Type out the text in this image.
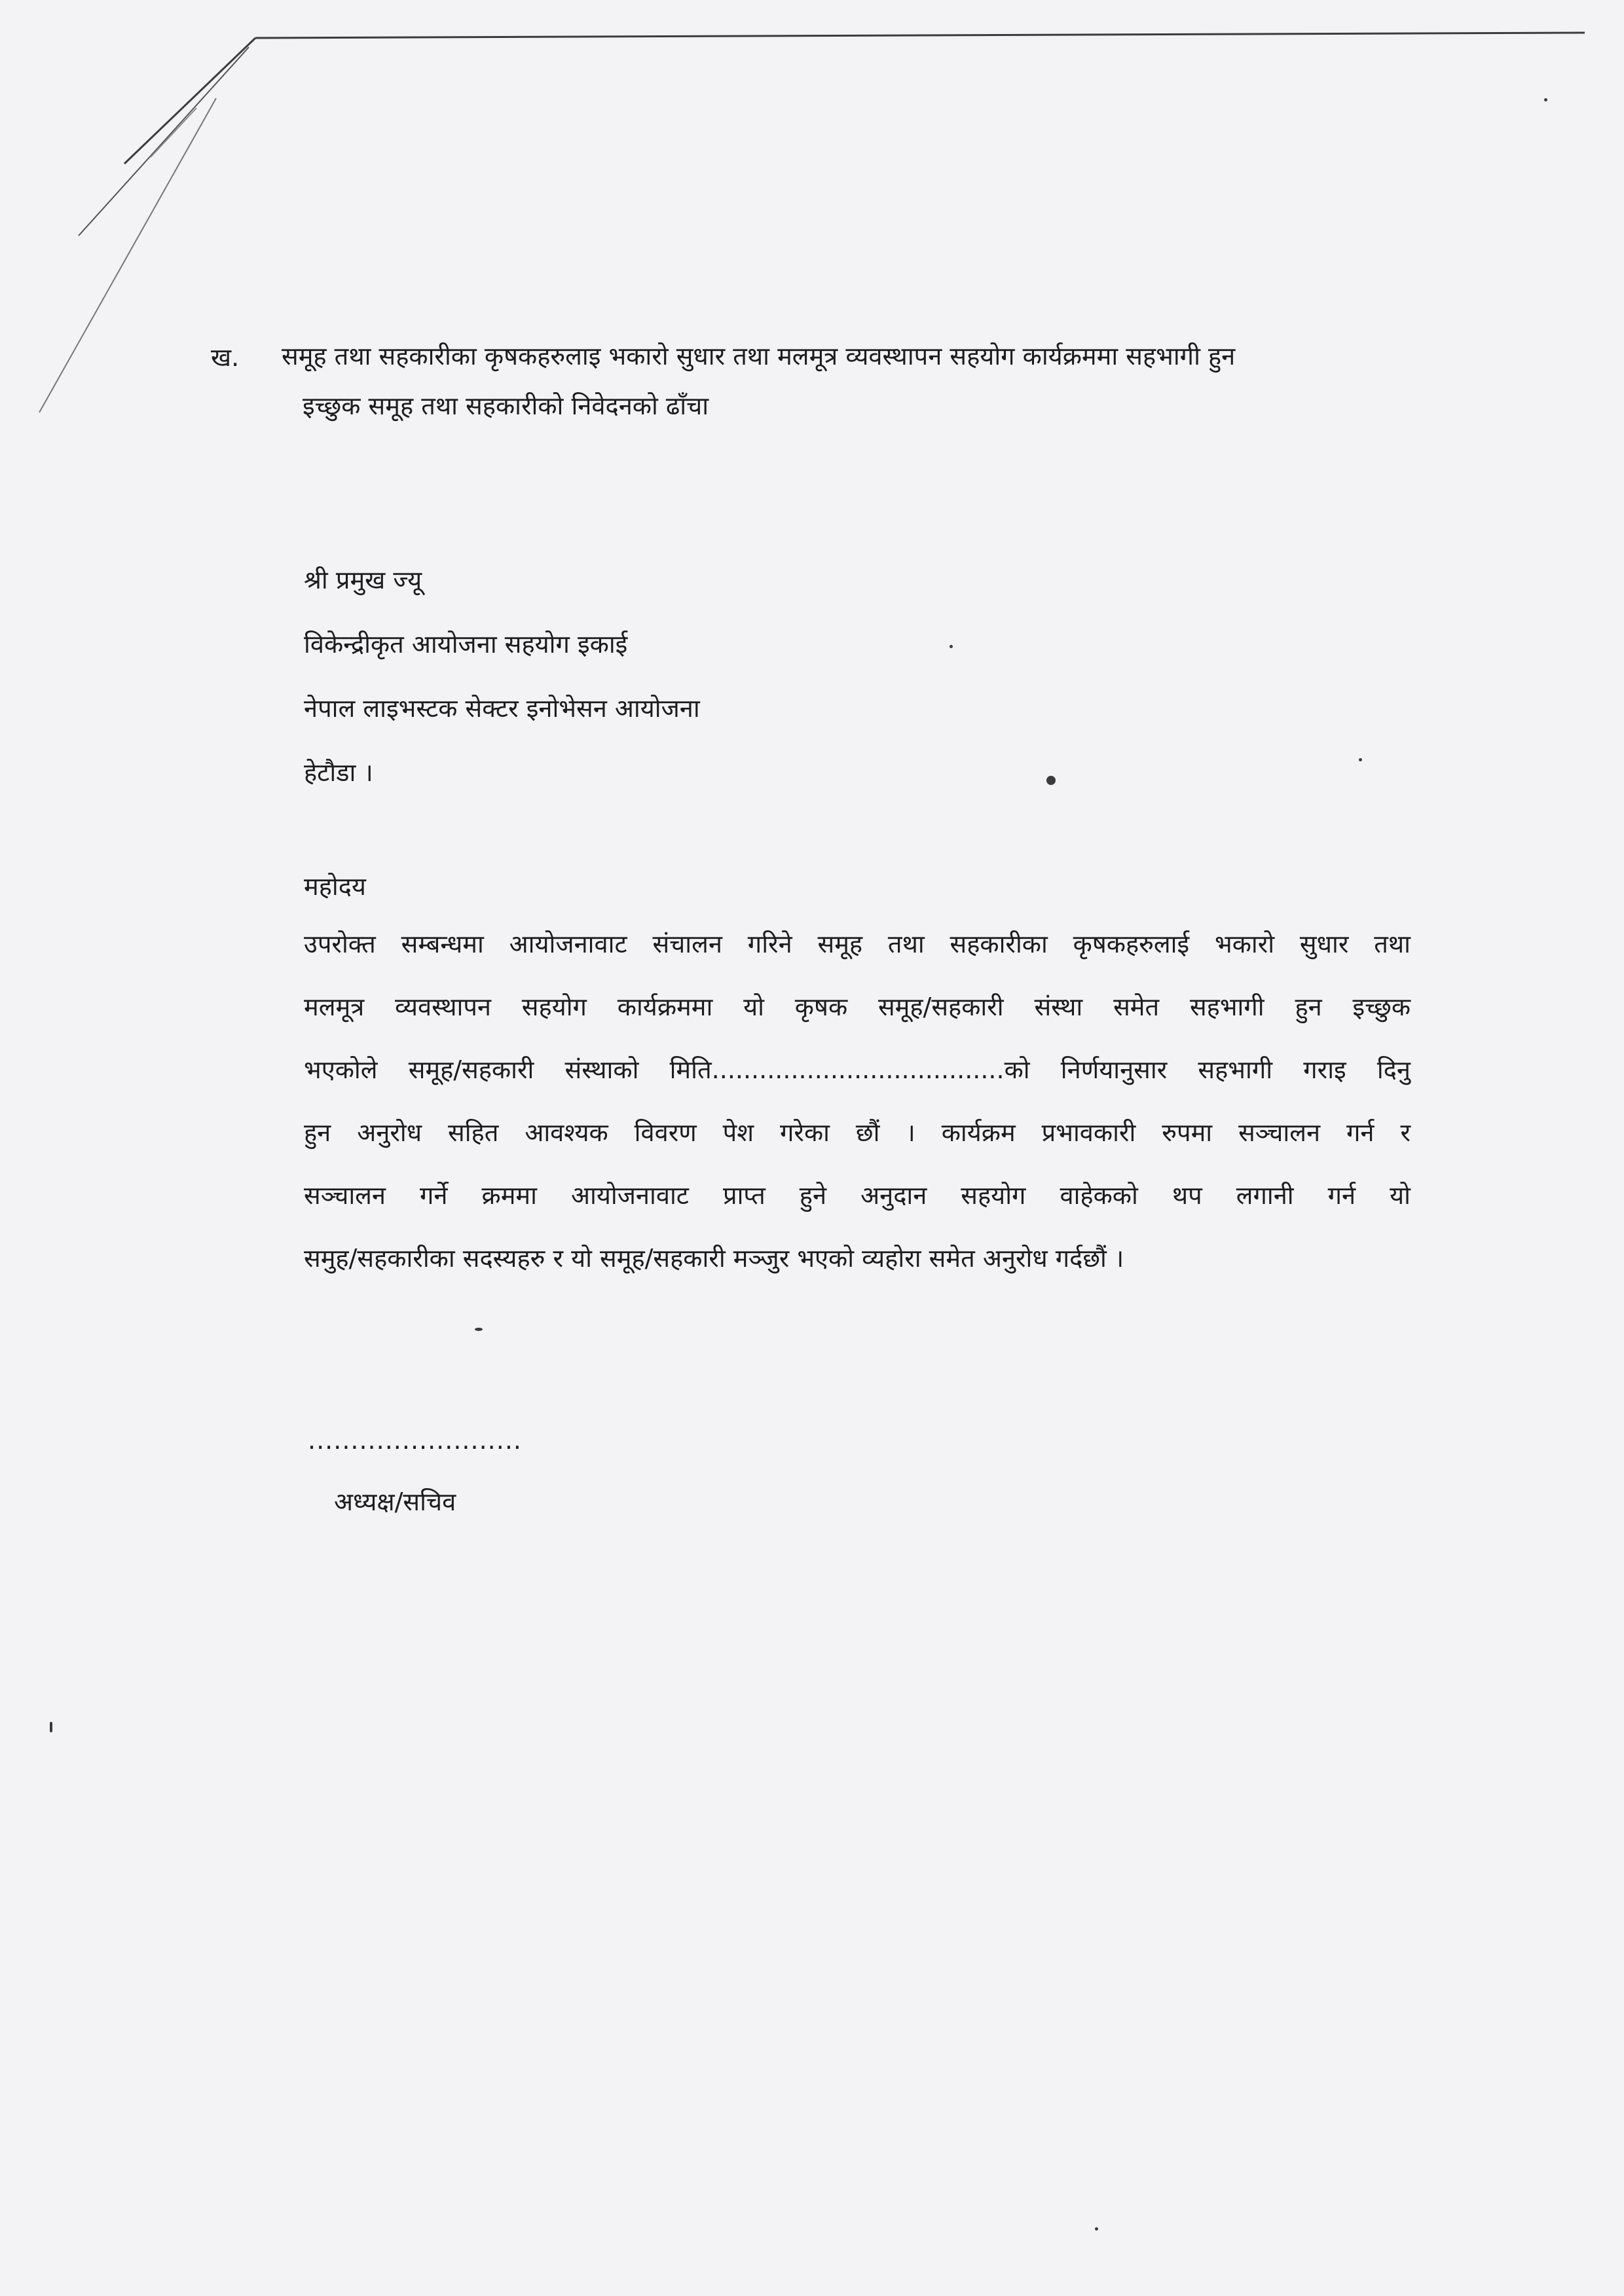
ख. समूह तथा सहकारीका कृषकहरुलाइ भकारो सुधार तथा मलमूत्र व्यवस्थापन सहयोग कार्यक्रममा सहभागी हुन
इच्छुक समूह तथा सहकारीको निवेदनको ढाँचा
श्री प्रमुख ज्यू
विकेन्द्रीकृत आयोजना सहयोग इकाई
नेपाल लाइभस्टक सेक्टर इनोभेसन आयोजना
हेटौडा ।
महोदय
उपरोक्त सम्बन्धमा आयोजनावाट संचालन गरिने समूह तथा सहकारीका कृषकहरुलाई भकारो सुधार तथा
मलमूत्र व्यवस्थापन सहयोग कार्यक्रममा यो कृषक समूह/सहकारी संस्था समेत सहभागी हुन इच्छुक
भएकोले समूह/सहकारी संस्थाको मिति.....................................को निर्णयानुसार सहभागी गराइ दिनु
हुन अनुरोध सहित आवश्यक विवरण पेश गरेका छौं । कार्यक्रम प्रभावकारी रुपमा सञ्चालन गर्न र
सञ्चालन गर्ने क्रममा आयोजनावाट प्राप्त हुने अनुदान सहयोग वाहेकको थप लगानी गर्न यो
समुह/सहकारीका सदस्यहरु र यो समूह/सहकारी मञ्जुर भएको व्यहोरा समेत अनुरोध गर्दछौं ।
.........................
अध्यक्ष/सचिव
